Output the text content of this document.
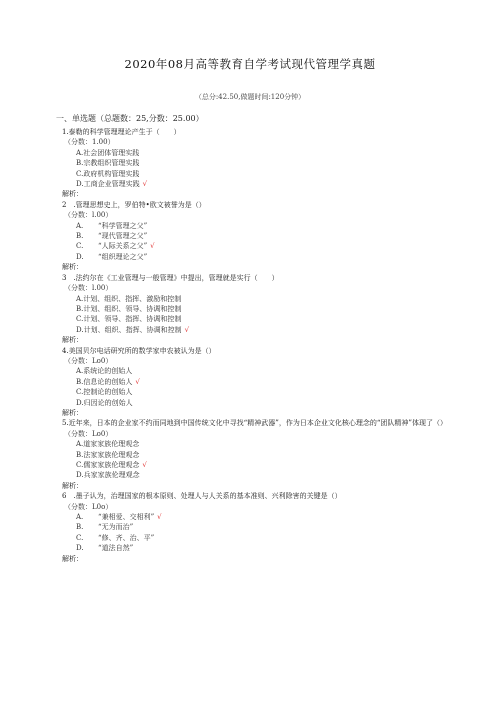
2020年08月高等教育自学考试现代管理学真题
（总分:42.50,做题时间:120分钟）
一、单选题（总题数：25,分数：25.00）
1.泰勒的科学管理理论产生于（　　）
（分数：1.00）
A.社会团体管理实践
B.宗教组织管理实践
C.政府机构管理实践
D.工商企业管理实践 √
解析：
2　.管理思想史上，罗伯特•欧文被誉为是（）
（分数：l.00）
A. “科学管理之父”
B. “现代管理之父”
C. “人际关系之父” √
D. “组织理论之父”
解析：
3　.法约尔在《工业管理与一般管理》中提出，管理就是实行（　　）
（分数：l.00）
A.计划、组织、指挥、激励和控制
B.计划、组织、领导、协调和控制
C.计划、领导、指挥、协调和控制
D.计划、组织、指挥、协调和控制 √
解析：
4.美国贝尔电话研究所的数学家申农被认为是（）
（分数：Lo0）
A.系统论的创始人
B.信息论的创始人 √
C.控制论的创始人
D.归因论的创始人
解析：
5.近年来，日本的企业家不约而同地到中国传统文化中寻找“精神武器”，作为日本企业文化核心理念的“团队精神”体现了（）
（分数：Lo0）
A.道家家族伦理观念
B.法家家族伦理观念
C.儒家家族伦理观念 √
D.兵家家族伦理观念
解析：
6　.墨子认为，治理国家的根本原则、处理人与人关系的基本准则、兴利除害的关键是（）
（分数：L0o）
A. “兼相爱、交相利” √
B. “无为而治”
C. “修、齐、治、平”
D. “道法自然”
解析：
